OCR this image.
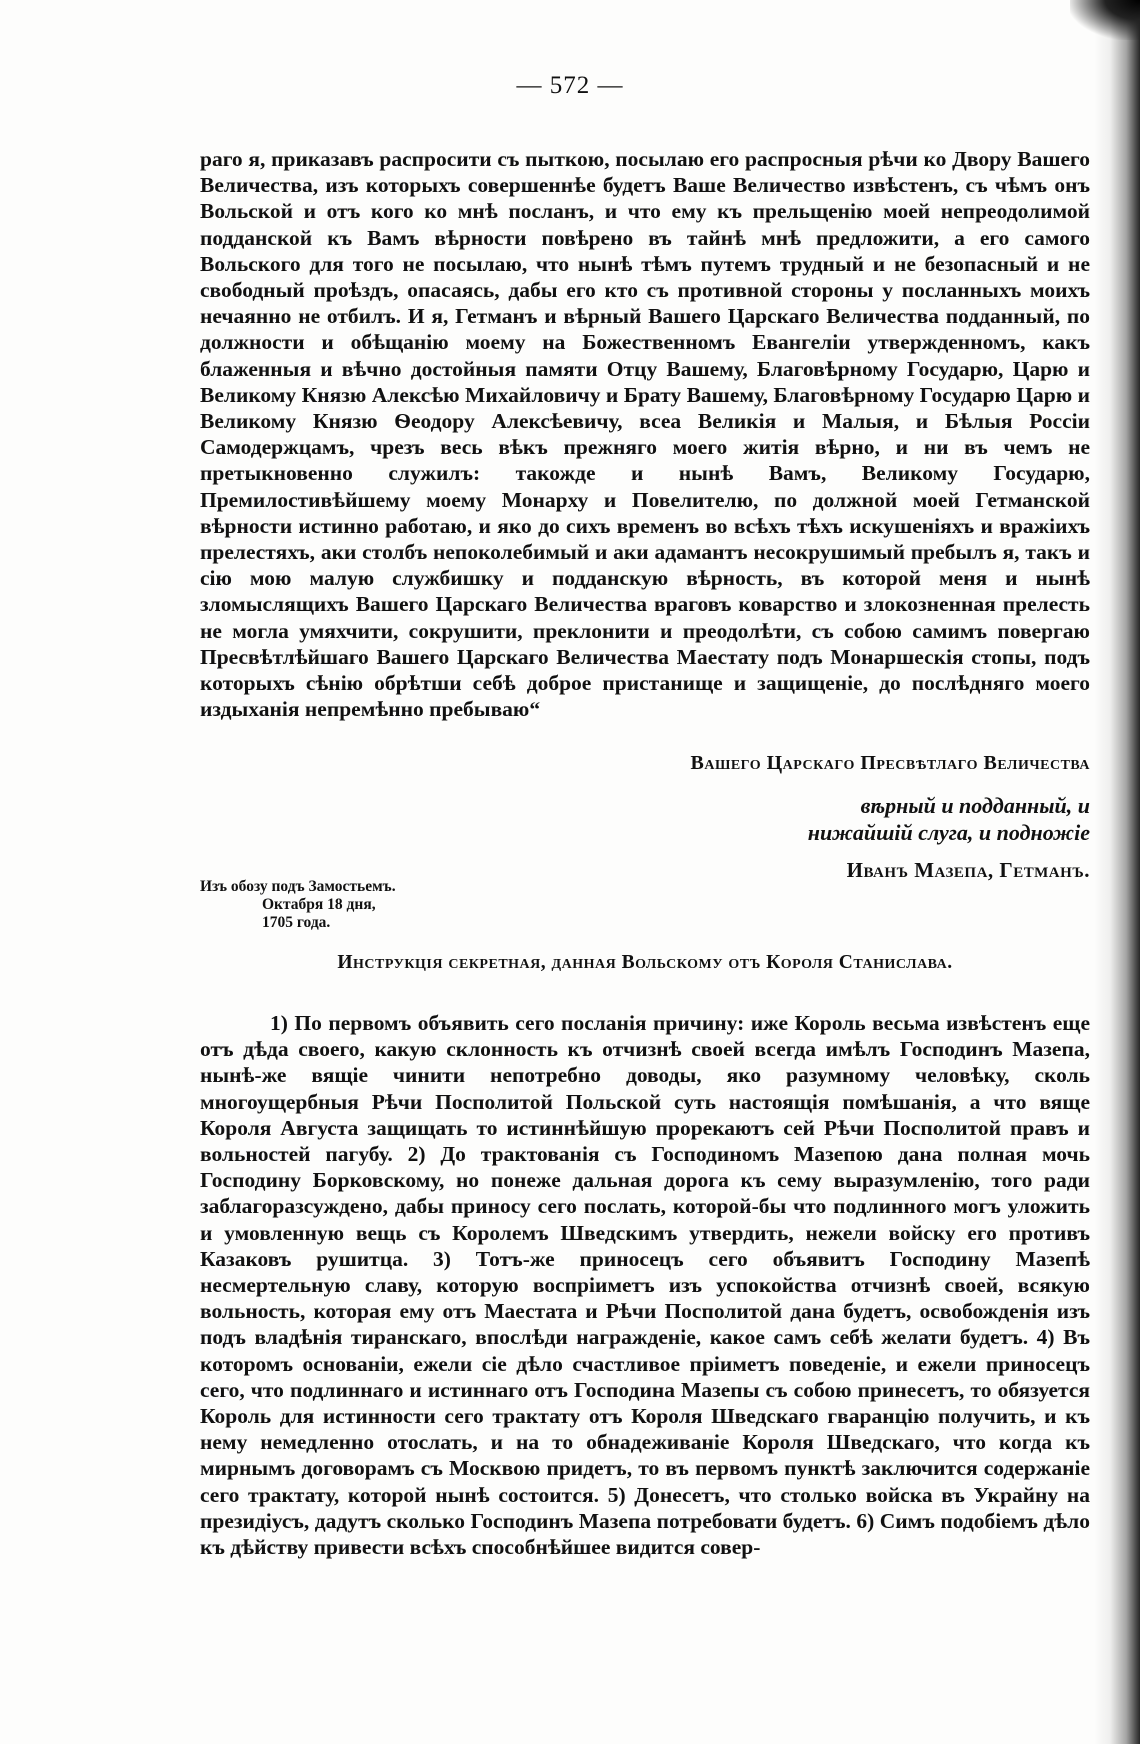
— 572 —

раго я, приказавъ распросити съ пыткою, посылаю его распросныя рѣчи ко Двору Вашего Величества, изъ которыхъ совершеннѣе будетъ Ваше Величество извѣстенъ, съ чѣмъ онъ Вольской и отъ кого ко мнѣ посланъ, и что ему къ прельщенію моей непреодолимой подданской къ Вамъ вѣрности повѣрено въ тайнѣ мнѣ предложити, а его самого Вольского для того не посылаю, что нынѣ тѣмъ путемъ трудный и не безопасный и не свободный проѣздъ, опасаясь, дабы его кто съ противной стороны у посланныхъ моихъ нечаянно не отбилъ. И я, Гетманъ и вѣрный Вашего Царскаго Величества подданный, по должности и обѣщанію моему на Божественномъ Евангеліи утвержденномъ, какъ блаженныя и вѣчно достойныя памяти Отцу Вашему, Благовѣрному Государю, Царю и Великому Князю Алексѣю Михайловичу и Брату Вашему, Благовѣрному Государю Царю и Великому Князю Ѳеодору Алексѣевичу, всеа Великія и Малыя, и Бѣлыя Россіи Самодержцамъ, чрезъ весь вѣкъ прежняго моего житія вѣрно, и ни въ чемъ не претыкновенно служилъ: такожде и нынѣ Вамъ, Великому Государю, Премилостивѣйшему моему Монарху и Повелителю, по должной моей Гетманской вѣрности истинно работаю, и яко до сихъ временъ во всѣхъ тѣхъ искушеніяхъ и вражіихъ прелестяхъ, аки столбъ непоколебимый и аки адамантъ несокрушимый пребылъ я, такъ и сію мою малую службишку и подданскую вѣрность, въ которой меня и нынѣ зломыслящихъ Вашего Царскаго Величества враговъ коварство и злокозненная прелесть не могла умяхчити, сокрушити, преклонити и преодолѣти, съ собою самимъ повергаю Пресвѣтлѣйшаго Вашего Царскаго Величества Маестату подъ Монаршескія стопы, подъ которыхъ сѣнію обрѣтши себѣ доброе пристанище и защищеніе, до послѣдняго моего издыханія непремѣнно пребываю“

Вашего Царскаго Пресвѣтлаго Величества
вѣрный и подданный, и
нижайшій слуга, и подножіе
Иванъ Мазепа, Гетманъ.
Изъ обозу подъ Замостьемъ.
Октабря 18 дня,
1705 года.
Инструкція секретная, данная Вольскому отъ Короля Станислава.

1) По первомъ объявить сего посланія причину: иже Король весьма извѣстенъ еще отъ дѣда своего, какую склонность къ отчизнѣ своей всегда имѣлъ Господинъ Мазепа, нынѣ-же вящіе чинити непотребно доводы, яко разумному человѣку, сколь многоущербныя Рѣчи Посполитой Польской суть настоящія помѣшанія, а что вяще Короля Августа защищать то истиннѣйшую прорекаютъ сей Рѣчи Посполитой правъ и вольностей пагубу. 2) До трактованія съ Господиномъ Мазепою дана полная мочь Господину Борковскому, но понеже дальная дорога къ сему выразумленію, того ради заблагоразсуждено, дабы приносу сего послать, которой-бы что подлинного могъ уложить и умовленную вещь съ Королемъ Шведскимъ утвердить, нежели войску его противъ Казаковъ рушитца. 3) Тотъ-же приносецъ сего объявитъ Господину Мазепѣ несмертельную славу, которую воспріиметъ изъ успокойства отчизнѣ своей, всякую вольность, которая ему отъ Маестата и Рѣчи Посполитой дана будетъ, освобожденія изъ подъ владѣнія тиранскаго, впослѣди награжденіе, какое самъ себѣ желати будетъ. 4) Въ которомъ основаніи, ежели сіе дѣло счастливое пріиметъ поведеніе, и ежели приносецъ сего, что подлиннаго и истиннаго отъ Господина Мазепы съ собою принесетъ, то обязуется Король для истинности сего трактату отъ Короля Шведскаго гваранцію получить, и къ нему немедленно отослать, и на то обнадеживаніе Короля Шведскаго, что когда къ мирнымъ договорамъ съ Москвою придетъ, то въ первомъ пунктѣ заключится содержаніе сего трактату, которой нынѣ состоится. 5) Донесетъ, что столько войска въ Украйну на президіусъ, дадутъ сколько Господинъ Мазепа потребовати будетъ. 6) Симъ подобіемъ дѣло къ дѣйству привести всѣхъ способнѣйшее видится совер-
